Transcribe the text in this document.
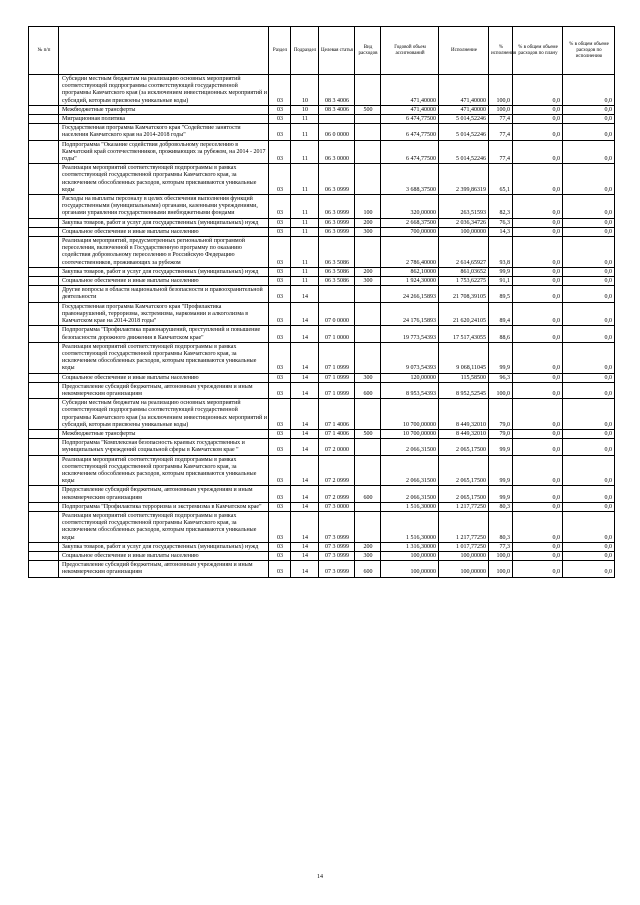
№ п/п		Раздел	Подраздел	Целевая статья	Вид расходов	Годовой объем ассигнований	Исполнение	% исполнения	% в общем объеме расходов по плану	% в общем объеме расходов по исполнению
	Субсидии местным бюджетам на реализацию основных мероприятий соответствующей подпрограммы соответствующей государственной программы Камчатского края (за исключением инвестиционных мероприятий и субсидий, которым присвоены уникальные коды)	03	10	08 3 4006		471,40000	471,40000	100,0	0,0	0,0
	Межбюджетные трансферты	03	10	08 3 4006	500	471,40000	471,40000	100,0	0,0	0,0
	Миграционная политика	03	11			6 474,77500	5 014,52246	77,4	0,0	0,0
	Государственная программа Камчатского края "Содействие занятости населения Камчатского края на 2014-2018 годы"	03	11	06 0 0000		6 474,77500	5 014,52246	77,4	0,0	0,0
	Подпрограмма "Оказание содействия добровольному переселению в Камчатский край соотечественников, проживающих за рубежом, на 2014 - 2017 годы"	03	11	06 3 0000		6 474,77500	5 014,52246	77,4	0,0	0,0
	Реализация мероприятий соответствующей подпрограммы в рамках соответствующей государственной программы Камчатского края, за исключением обособленных расходов, которым присваиваются уникальные коды	03	11	06 3 0999		3 688,37500	2 399,86319	65,1	0,0	0,0
	Расходы на выплаты персоналу в целях обеспечения выполнения функций государственными (муниципальными) органами, казенными учреждениями, органами управления государственными внебюджетными фондами	03	11	06 3 0999	100	320,00000	263,51593	82,3	0,0	0,0
	Закупка товаров, работ и услуг для государственных (муниципальных) нужд	03	11	06 3 0999	200	2 668,37500	2 036,34726	76,3	0,0	0,0
	Социальное обеспечение и иные выплаты населению	03	11	06 3 0999	300	700,00000	100,00000	14,3	0,0	0,0
	Реализация мероприятий, предусмотренных региональной программой переселения, включенной в Государственную программу по оказанию содействия добровольному переселению в Российскую Федерацию соотечественников, проживающих за рубежом	03	11	06 3 5086		2 786,40000	2 614,65927	93,8	0,0	0,0
	Закупка товаров, работ и услуг для государственных (муниципальных) нужд	03	11	06 3 5086	200	862,10000	861,03652	99,9	0,0	0,0
	Социальное обеспечение и иные выплаты населению	03	11	06 3 5086	300	1 924,30000	1 753,62275	91,1	0,0	0,0
	Другие вопросы в области национальной безопасности и правоохранительной деятельности	03	14			24 266,15893	21 708,39105	89,5	0,0	0,0
	Государственная программа Камчатского края "Профилактика правонарушений, терроризма, экстремизма, наркомании и алкоголизма в Камчатском крае на 2014-2018 годы"	03	14	07 0 0000		24 176,15893	21 620,24105	89,4	0,0	0,0
	Подпрограмма "Профилактика правонарушений, преступлений и повышение безопасности дорожного движения в Камчатском крае"	03	14	07 1 0000		19 773,54393	17 517,43055	88,6	0,0	0,0
	Реализация мероприятий соответствующей подпрограммы в рамках соответствующей государственной программы Камчатского края, за исключением обособленных расходов, которым присваиваются уникальные коды	03	14	07 1 0999		9 073,54393	9 068,11045	99,9	0,0	0,0
	Социальное обеспечение и иные выплаты населению	03	14	07 1 0999	300	120,00000	115,58500	96,3	0,0	0,0
	Предоставление субсидий бюджетным, автономным учреждениям и иным некоммерческим организациям	03	14	07 1 0999	600	8 953,54393	8 952,52545	100,0	0,0	0,0
	Субсидии местным бюджетам на реализацию основных мероприятий соответствующей подпрограммы соответствующей государственной программы Камчатского края (за исключением инвестиционных мероприятий и субсидий, которым присвоены уникальные коды)	03	14	07 1 4006		10 700,00000	8 449,32010	79,0	0,0	0,0
	Межбюджетные трансферты	03	14	07 1 4006	500	10 700,00000	8 449,32010	79,0	0,0	0,0
	Подпрограмма "Комплексная безопасность краевых государственных и муниципальных учреждений социальной сферы в Камчатском крае "	03	14	07 2 0000		2 066,31500	2 065,17500	99,9	0,0	0,0
	Реализация мероприятий соответствующей подпрограммы в рамках соответствующей государственной программы Камчатского края, за исключением обособленных расходов, которым присваиваются уникальные коды	03	14	07 2 0999		2 066,31500	2 065,17500	99,9	0,0	0,0
	Предоставление субсидий бюджетным, автономным учреждениям и иным некоммерческим организациям	03	14	07 2 0999	600	2 066,31500	2 065,17500	99,9	0,0	0,0
	Подпрограмма "Профилактика терроризма и экстремизма в Камчатском крае"	03	14	07 3 0000		1 516,30000	1 217,77250	80,3	0,0	0,0
	Реализация мероприятий соответствующей подпрограммы в рамках соответствующей государственной программы Камчатского края, за исключением обособленных расходов, которым присваиваются уникальные коды	03	14	07 3 0999		1 516,30000	1 217,77250	80,3	0,0	0,0
	Закупка товаров, работ и услуг для государственных (муниципальных) нужд	03	14	07 3 0999	200	1 316,30000	1 017,77250	77,3	0,0	0,0
	Социальное обеспечение и иные выплаты населению	03	14	07 3 0999	300	100,00000	100,00000	100,0	0,0	0,0
	Предоставление субсидий бюджетным, автономным учреждениям и иным некоммерческим организациям	03	14	07 3 0999	600	100,00000	100,00000	100,0	0,0	0,0
14
